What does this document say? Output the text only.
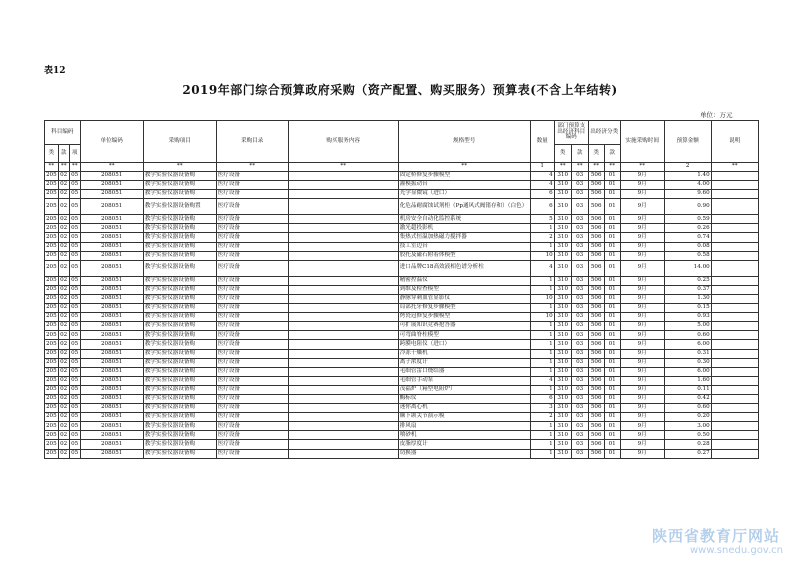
表12
2019年部门综合预算政府采购（资产配置、购买服务）预算表(不含上年结转)
单位：万元
科目编码			单位编码	采购项目	采购目录	购买服务内容	规格型号	数量	部门预算支出经济科目编码		出经济分类		实施采购时间	预算金额	说明
类	款	项							类	款	类	款			
**	**	**	**	**	**	**	**	1	**	**	**	**	**	2	**
205	02	05	208051	教学实验仪器设备购	医疗设备		固定桥修复步骤模型	4	310	03	506	01	9月	1.40	
205	02	05	208051	教学实验仪器设备购	医疗设备		灌模振动台	4	310	03	506	01	9月	4.00	
205	02	05	208051	教学实验仪器设备购	医疗设备		光学显微镜（进口）	6	310	03	506	01	9月	9.60	
205	02	05	208051	教学实验仪器设备购置	医疗设备		化危品耐腐蚀试剂柜（Pp通风式阀锗存和）（白色）	6	310	03	506	01	9月	0.90	
205	02	05	208051	教学实验仪器设备购	医疗设备		机房安全自动化监控系统	5	310	03	506	01	9月	0.59	
205	02	05	208051	教学实验仪器设备购	医疗设备		激光超投影机	1	310	03	506	01	9月	0.26	
205	02	05	208051	教学实验仪器设备购	医疗设备		集热式恒温加热磁力搅拌器	2	310	03	506	01	9月	0.74	
205	02	05	208051	教学实验仪器设备购	医疗设备		技工室边台	1	310	03	506	01	9月	0.08	
205	02	05	208051	教学实验仪器设备购	医疗设备		胶托及磁石附着体模型	10	310	03	506	01	9月	0.58	
205	02	05	208051	教学实验仪器设备购	医疗设备		进口品牌C18高效液相色谱分析柱	4	310	03	506	01	9月	14.00	
205	02	05	208051	教学实验仪器设备购	医疗设备		精密控温仪	1	310	03	506	01	9月	0.25	
205	02	05	208051	教学实验仪器设备购	医疗设备		到维及检查模型	1	310	03	506	01	9月	0.37	
205	02	05	208051	教学实验仪器设备购	医疗设备		静脉穿刺血管显影仪	10	310	03	506	01	9月	1.30	
205	02	05	208051	教学实验仪器设备购	医疗设备		局部托牙修复步骤模型	1	310	03	506	01	9月	0.15	
205	02	05	208051	教学实验仪器设备购	医疗设备		烤瓷冠修复步骤模型	10	310	03	506	01	9月	0.93	
205	02	05	208051	教学实验仪器设备购	医疗设备		可扩展知识竞赛抢答器	1	310	03	506	01	9月	5.00	
205	02	05	208051	教学实验仪器设备购	医疗设备		可弯曲脊柱模型	1	310	03	506	01	9月	0.60	
205	02	05	208051	教学实验仪器设备购	医疗设备		跨膜电阻仪（进口）	1	310	03	506	01	9月	6.00	
205	02	05	208051	教学实验仪器设备购	医疗设备		冷冻干燥机	1	310	03	506	01	9月	0.31	
205	02	05	208051	教学实验仪器设备购	医疗设备		离子浓度计	1	310	03	506	01	9月	0.30	
205	02	05	208051	教学实验仪器设备购	医疗设备		毛细管雷口烧结器	1	310	03	506	01	9月	6.00	
205	02	05	208051	教学实验仪器设备购	医疗设备		毛细管手动泵	4	310	03	506	01	9月	1.60	
205	02	05	208051	教学实验仪器设备购	医疗设备		茂福炉（箱型电阻炉）	1	310	03	506	01	9月	0.11	
205	02	05	208051	教学实验仪器设备购	医疗设备		酶标仪	6	310	03	506	01	9月	0.42	
205	02	05	208051	教学实验仪器设备购	医疗设备		迷你离心机	3	310	03	506	01	9月	0.60	
205	02	05	208051	教学实验仪器设备购	医疗设备		颞下颌关节演示模	2	310	03	506	01	9月	0.20	
205	02	05	208051	教学实验仪器设备购	医疗设备		排风扇	1	310	03	506	01	9月	3.00	
205	02	05	208051	教学实验仪器设备购	医疗设备		喷砂机	1	310	03	506	01	9月	0.50	
205	02	05	208051	教学实验仪器设备购	医疗设备		皮脂厚度计	1	310	03	506	01	9月	0.28	
205	02	05	208051	教学实验仪器设备购	医疗设备		切换器	1	310	03	506	01	9月	0.27	
陕西省教育厅网站
www.snedu.gov.cn
